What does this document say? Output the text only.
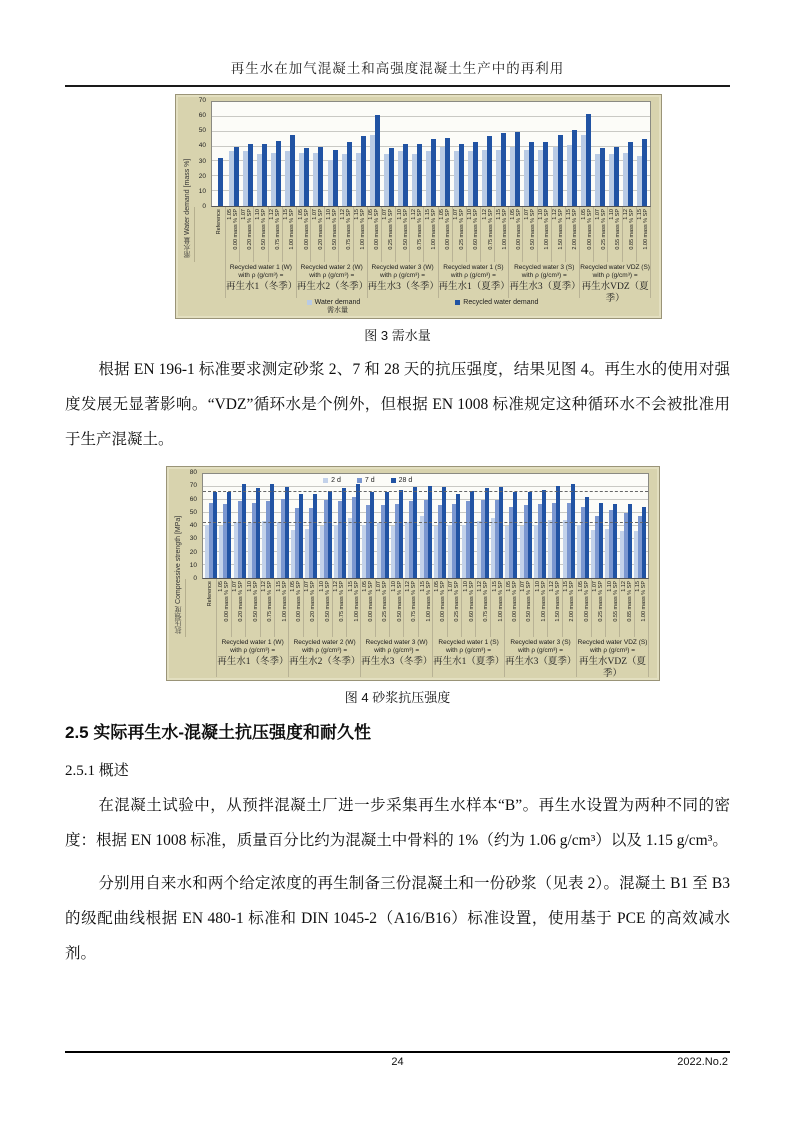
再生水在加气混凝土和高强度混凝土生产中的再利用
需水量 Water demand [mass %]	0
10
20
30
40
50
60
70
Reference 1.05 0.00 mass % SP 1.07 0.20 mass % SP 1.10 0.50 mass % SP 1.12 0.75 mass % SP 1.15 1.00 mass % SP 1.05 0.00 mass % SP 1.07 0.20 mass % SP 1.10 0.50 mass % SP 1.12 0.75 mass % SP 1.15 1.00 mass % SP 1.05 0.00 mass % SP 1.07 0.25 mass % SP 1.10 0.50 mass % SP 1.12 0.75 mass % SP 1.15 1.00 mass % SP 1.05 0.00 mass % SP 1.07 0.25 mass % SP 1.10 0.60 mass % SP 1.12 0.75 mass % SP 1.15 1.00 mass % SP 1.05 0.00 mass % SP 1.07 0.50 mass % SP 1.10 1.00 mass % SP 1.12 1.50 mass % SP 1.15 2.00 mass % SP 1.05 0.00 mass % SP 1.07 0.25 mass % SP 1.10 0.55 mass % SP 1.12 0.85 mass % SP 1.15 1.00 mass % SP
Recycled water 1 (W)
with ρ (g/cm³) =
再生水1（冬季）
Recycled water 2 (W)
with ρ (g/cm³) =
再生水2（冬季）
Recycled water 3 (W)
with ρ (g/cm³) =
再生水3（冬季）
Recycled water 1 (S)
with ρ (g/cm³) =
再生水1（夏季）
Recycled water 3 (S)
with ρ (g/cm³) =
再生水3（夏季）
Recycled water VDZ (S)
with ρ (g/cm³) =
再生水VDZ（夏季）
Water demand
需水量
Recycled water demand
图 3 需水量

根据 EN 196-1 标准要求测定砂浆 2、7 和 28 天的抗压强度，结果见图 4。再生水的使用对强度发展无显著影响。“VDZ”循环水是个例外，但根据 EN 1008 标准规定这种循环水不会被批准用于生产混凝土。

抗压强度 Compressive strength [MPa]	0
10
20
30
40
50
60
70
80
2 d	7 d	28 d
Reference 1.05 0.00 mass % SP 1.07 0.20 mass % SP 1.10 0.50 mass % SP 1.12 0.75 mass % SP 1.15 1.00 mass % SP 1.05 0.00 mass % SP 1.07 0.20 mass % SP 1.10 0.50 mass % SP 1.12 0.75 mass % SP 1.15 1.00 mass % SP 1.05 0.00 mass % SP 1.07 0.25 mass % SP 1.10 0.50 mass % SP 1.12 0.75 mass % SP 1.15 1.00 mass % SP 1.05 0.00 mass % SP 1.07 0.25 mass % SP 1.10 0.60 mass % SP 1.12 0.75 mass % SP 1.15 1.00 mass % SP 1.05 0.00 mass % SP 1.07 0.50 mass % SP 1.10 1.00 mass % SP 1.12 1.50 mass % SP 1.15 2.00 mass % SP 1.05 0.00 mass % SP 1.07 0.25 mass % SP 1.10 0.55 mass % SP 1.12 0.85 mass % SP 1.15 1.00 mass % SP
Recycled water 1 (W)
with ρ (g/cm³) =
再生水1（冬季）
Recycled water 2 (W)
with ρ (g/cm³) =
再生水2（冬季）
Recycled water 3 (W)
with ρ (g/cm³) =
再生水3（冬季）
Recycled water 1 (S)
with ρ (g/cm³) =
再生水1（夏季）
Recycled water 3 (S)
with ρ (g/cm³) =
再生水3（夏季）
Recycled water VDZ (S)
with ρ (g/cm³) =
再生水VDZ（夏季）
图 4 砂浆抗压强度
2.5 实际再生水-混凝土抗压强度和耐久性
2.5.1 概述

在混凝土试验中，从预拌混凝土厂进一步采集再生水样本“B”。再生水设置为两种不同的密度：根据 EN 1008 标准，质量百分比约为混凝土中骨料的 1%（约为 1.06 g/cm³）以及 1.15 g/cm³。

分别用自来水和两个给定浓度的再生制备三份混凝土和一份砂浆（见表 2）。混凝土 B1 至 B3 的级配曲线根据 EN 480-1 标准和 DIN 1045-2（A16/B16）标准设置，使用基于 PCE 的高效减水剂。

24	2022.No.2
